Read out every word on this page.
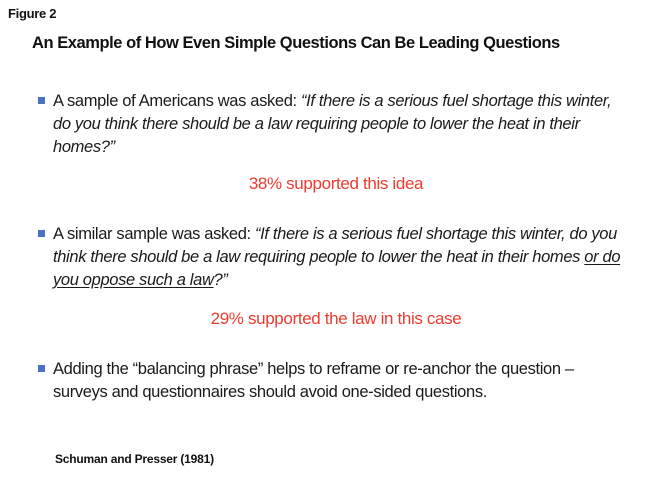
Figure 2
An Example of How Even Simple Questions Can Be Leading Questions

A sample of Americans was asked: “If there is a serious fuel shortage this winter, do you think there should be a law requiring people to lower the heat in their homes?”

38% supported this idea

A similar sample was asked: “If there is a serious fuel shortage this winter, do you think there should be a law requiring people to lower the heat in their homes or do you oppose such a law?”

29% supported the law in this case

Adding the “balancing phrase” helps to reframe or re-anchor the question – surveys and questionnaires should avoid one-sided questions.

Schuman and Presser (1981)
